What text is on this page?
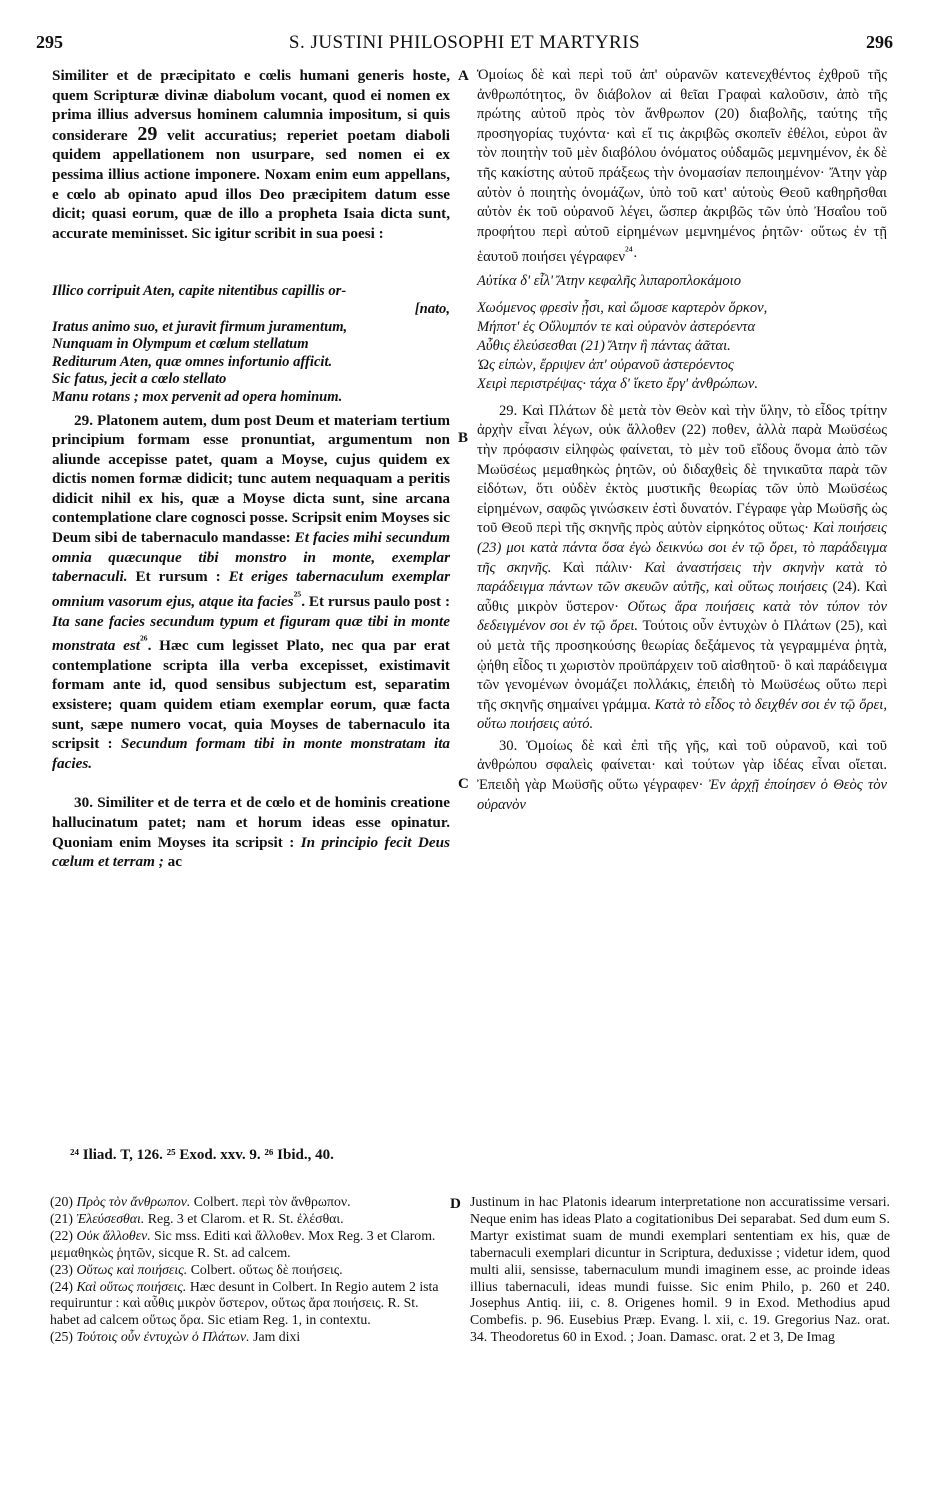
295	S. JUSTINI PHILOSOPHI ET MARTYRIS	296
A
B
C
D

Similiter et de præcipitato e cœlis humani generis hoste, quem Scripturæ divinæ diabolum vocant, quod ei nomen ex prima illius adversus hominem calumnia impositum, si quis considerare 29 velit accuratius; reperiet poetam diaboli quidem appellationem non usurpare, sed nomen ei ex pessima illius actione imponere. Noxam enim eum appellans, e cœlo ab opinato apud illos Deo præcipitem datum esse dicit; quasi eorum, quæ de illo a propheta Isaia dicta sunt, accurate meminisset. Sic igitur scribit in sua poesi :

Illico corripuit Aten, capite nitentibus capillis or-
[nato,
Iratus animo suo, et juravit firmum juramentum,
Nunquam in Olympum et cœlum stellatum
Rediturum Aten, quæ omnes infortunio afficit.
Sic fatus, jecit a cœlo stellato
Manu rotans ; mox pervenit ad opera hominum.

29. Platonem autem, dum post Deum et materiam tertium principium formam esse pronuntiat, argumentum non aliunde accepisse patet, quam a Moyse, cujus quidem ex dictis nomen formæ didicit; tunc autem nequaquam a peritis didicit nihil ex his, quæ a Moyse dicta sunt, sine arcana contemplatione clare cognosci posse. Scripsit enim Moyses sic Deum sibi de tabernaculo mandasse: Et facies mihi secundum omnia quæcunque tibi monstro in monte, exemplar tabernaculi. Et rursum : Et eriges tabernaculum exemplar omnium vasorum ejus, atque ita facies$^{^{25}}$. Et rursus paulo post : Ita sane facies secundum typum et figuram quæ tibi in monte monstrata est$^{^{26}}$. Hæc cum legisset Plato, nec qua par erat contemplatione scripta illa verba excepisset, existimavit formam ante id, quod sensibus subjectum est, separatim exsistere; quam quidem etiam exemplar eorum, quæ facta sunt, sæpe numero vocat, quia Moyses de tabernaculo ita scripsit : Secundum formam tibi in monte monstratam ita facies.

30. Similiter et de terra et de cœlo et de hominis creatione hallucinatum patet; nam et horum ideas esse opinatur. Quoniam enim Moyses ita scripsit : In principio fecit Deus cœlum et terram ; ac

Ὁμοίως δὲ καὶ περὶ τοῦ ἀπ' οὐρανῶν κατενεχθέντος ἐχθροῦ τῆς ἀνθρωπότητος, ὃν διάβολον αἱ θεῖαι Γραφαὶ καλοῦσιν, ἀπὸ τῆς πρώτης αὐτοῦ πρὸς τὸν ἄνθρωπον (20) διαβολῆς, ταύτης τῆς προσηγορίας τυχόντα· καὶ εἴ τις ἀκριβῶς σκοπεῖν ἐθέλοι, εὑροι ἂν τὸν ποιητὴν τοῦ μὲν διαβόλου ὀνόματος οὐδαμῶς μεμνημένον, ἐκ δὲ τῆς κακίστης αὐτοῦ πράξεως τὴν ὀνομασίαν πεποιημένον· Ἄτην γὰρ αὐτὸν ὁ ποιητὴς ὀνομάζων, ὑπὸ τοῦ κατ' αὐτοὺς Θεοῦ καθηρῆσθαι αὐτὸν ἐκ τοῦ οὐρανοῦ λέγει, ὥσπερ ἀκριβῶς τῶν ὑπὸ Ἠσαΐου τοῦ προφήτου περὶ αὐτοῦ εἰρημένων μεμνημένος ῥητῶν· οὕτως ἐν τῇ ἑαυτοῦ ποιήσει γέγραφεν$^{^{24}}$·

Αὐτίκα δ' εἷλ' Ἄτην κεφαλῆς λιπαροπλοκάμοιο
Χωόμενος φρεσὶν ᾗσι, καὶ ὤμοσε καρτερὸν ὅρκον,
Μήποτ' ἐς Οὔλυμπόν τε καὶ οὐρανὸν ἀστερόεντα
Αὖθις ἐλεύσεσθαι (21) Ἄτην ἣ πάντας ἀᾶται.
Ὡς εἰπὼν, ἔρριψεν ἀπ' οὐρανοῦ ἀστερόεντος
Χειρὶ περιστρέψας· τάχα δ' ἵκετο ἔργ' ἀνθρώπων.

29. Καὶ Πλάτων δὲ μετὰ τὸν Θεὸν καὶ τὴν ὕλην, τὸ εἶδος τρίτην ἀρχὴν εἶναι λέγων, οὐκ ἄλλοθεν (22) ποθεν, ἀλλὰ παρὰ Μωϋσέως τὴν πρόφασιν εἰληφὼς φαίνεται, τὸ μὲν τοῦ εἴδους ὄνομα ἀπὸ τῶν Μωϋσέως μεμαθηκὼς ῥητῶν, οὐ διδαχθεὶς δὲ τηνικαῦτα παρὰ τῶν εἰδότων, ὅτι οὐδὲν ἐκτὸς μυστικῆς θεωρίας τῶν ὑπὸ Μωϋσέως εἰρημένων, σαφῶς γινώσκειν ἐστὶ δυνατόν. Γέγραφε γὰρ Μωϋσῆς ὡς τοῦ Θεοῦ περὶ τῆς σκηνῆς πρὸς αὐτὸν εἰρηκότος οὕτως· Καὶ ποιήσεις (23) μοι κατὰ πάντα ὅσα ἐγὼ δεικνύω σοι ἐν τῷ ὄρει, τὸ παράδειγμα τῆς σκηνῆς. Καὶ πάλιν· Καὶ ἀναστήσεις τὴν σκηνὴν κατὰ τὸ παράδειγμα πάντων τῶν σκευῶν αὐτῆς, καὶ οὕτως ποιήσεις (24). Καὶ αὖθις μικρὸν ὕστερον· Οὕτως ἄρα ποιήσεις κατὰ τὸν τύπον τὸν δεδειγμένον σοι ἐν τῷ ὄρει. Τούτοις οὖν ἐντυχὼν ὁ Πλάτων (25), καὶ οὐ μετὰ τῆς προσηκούσης θεωρίας δεξάμενος τὰ γεγραμμένα ῥητὰ, ᾠήθη εἶδος τι χωριστὸν προϋπάρχειν τοῦ αἰσθητοῦ· ὃ καὶ παράδειγμα τῶν γενομένων ὀνομάζει πολλάκις, ἐπειδὴ τὸ Μωϋσέως οὕτω περὶ τῆς σκηνῆς σημαίνει γράμμα. Κατὰ τὸ εἶδος τὸ δειχθέν σοι ἐν τῷ ὄρει, οὕτω ποιήσεις αὐτό.

30. Ὁμοίως δὲ καὶ ἐπὶ τῆς γῆς, καὶ τοῦ οὐρανοῦ, καὶ τοῦ ἀνθρώπου σφαλεὶς φαίνεται· καὶ τούτων γὰρ ἰδέας εἶναι οἴεται. Ἐπειδὴ γὰρ Μωϋσῆς οὕτω γέγραφεν· Ἐν ἀρχῇ ἐποίησεν ὁ Θεὸς τὸν οὐρανὸν

²⁴ Iliad. Τ, 126. ²⁵ Exod. xxv. 9. ²⁶ Ibid., 40.

(20) Πρὸς τὸν ἄνθρωπον. Colbert. περὶ τὸν ἄνθρωπον.

(21) Ἐλεύσεσθαι. Reg. 3 et Clarom. et R. St. ἐλέσθαι.

(22) Οὐκ ἄλλοθεν. Sic mss. Editi καὶ ἄλλοθεν. Mox Reg. 3 et Clarom. μεμαθηκὼς ῥητῶν, sicque R. St. ad calcem.

(23) Οὕτως καὶ ποιήσεις. Colbert. οὕτως δὲ ποιήσεις.

(24) Καὶ οὕτως ποιήσεις. Hæc desunt in Colbert. In Regio autem 2 ista requiruntur : καὶ αὖθις μικρὸν ὕστερον, οὕτως ἄρα ποιήσεις. R. St. habet ad calcem οὕτως ὅρα. Sic etiam Reg. 1, in contextu.

(25) Τούτοις οὖν ἐντυχὼν ὁ Πλάτων. Jam dixi

Justinum in hac Platonis idearum interpretatione non accuratissime versari. Neque enim has ideas Plato a cogitationibus Dei separabat. Sed dum eum S. Martyr existimat suam de mundi exemplari sententiam ex his, quæ de tabernaculi exemplari dicuntur in Scriptura, deduxisse ; videtur idem, quod multi alii, sensisse, tabernaculum mundi imaginem esse, ac proinde ideas illius tabernaculi, ideas mundi fuisse. Sic enim Philo, p. 260 et 240. Josephus Antiq. iii, c. 8. Origenes homil. 9 in Exod. Methodius apud Combefis. p. 96. Eusebius Præp. Evang. l. xii, c. 19. Gregorius Naz. orat. 34. Theodoretus 60 in Exod. ; Joan. Damasc. orat. 2 et 3, De Imag
